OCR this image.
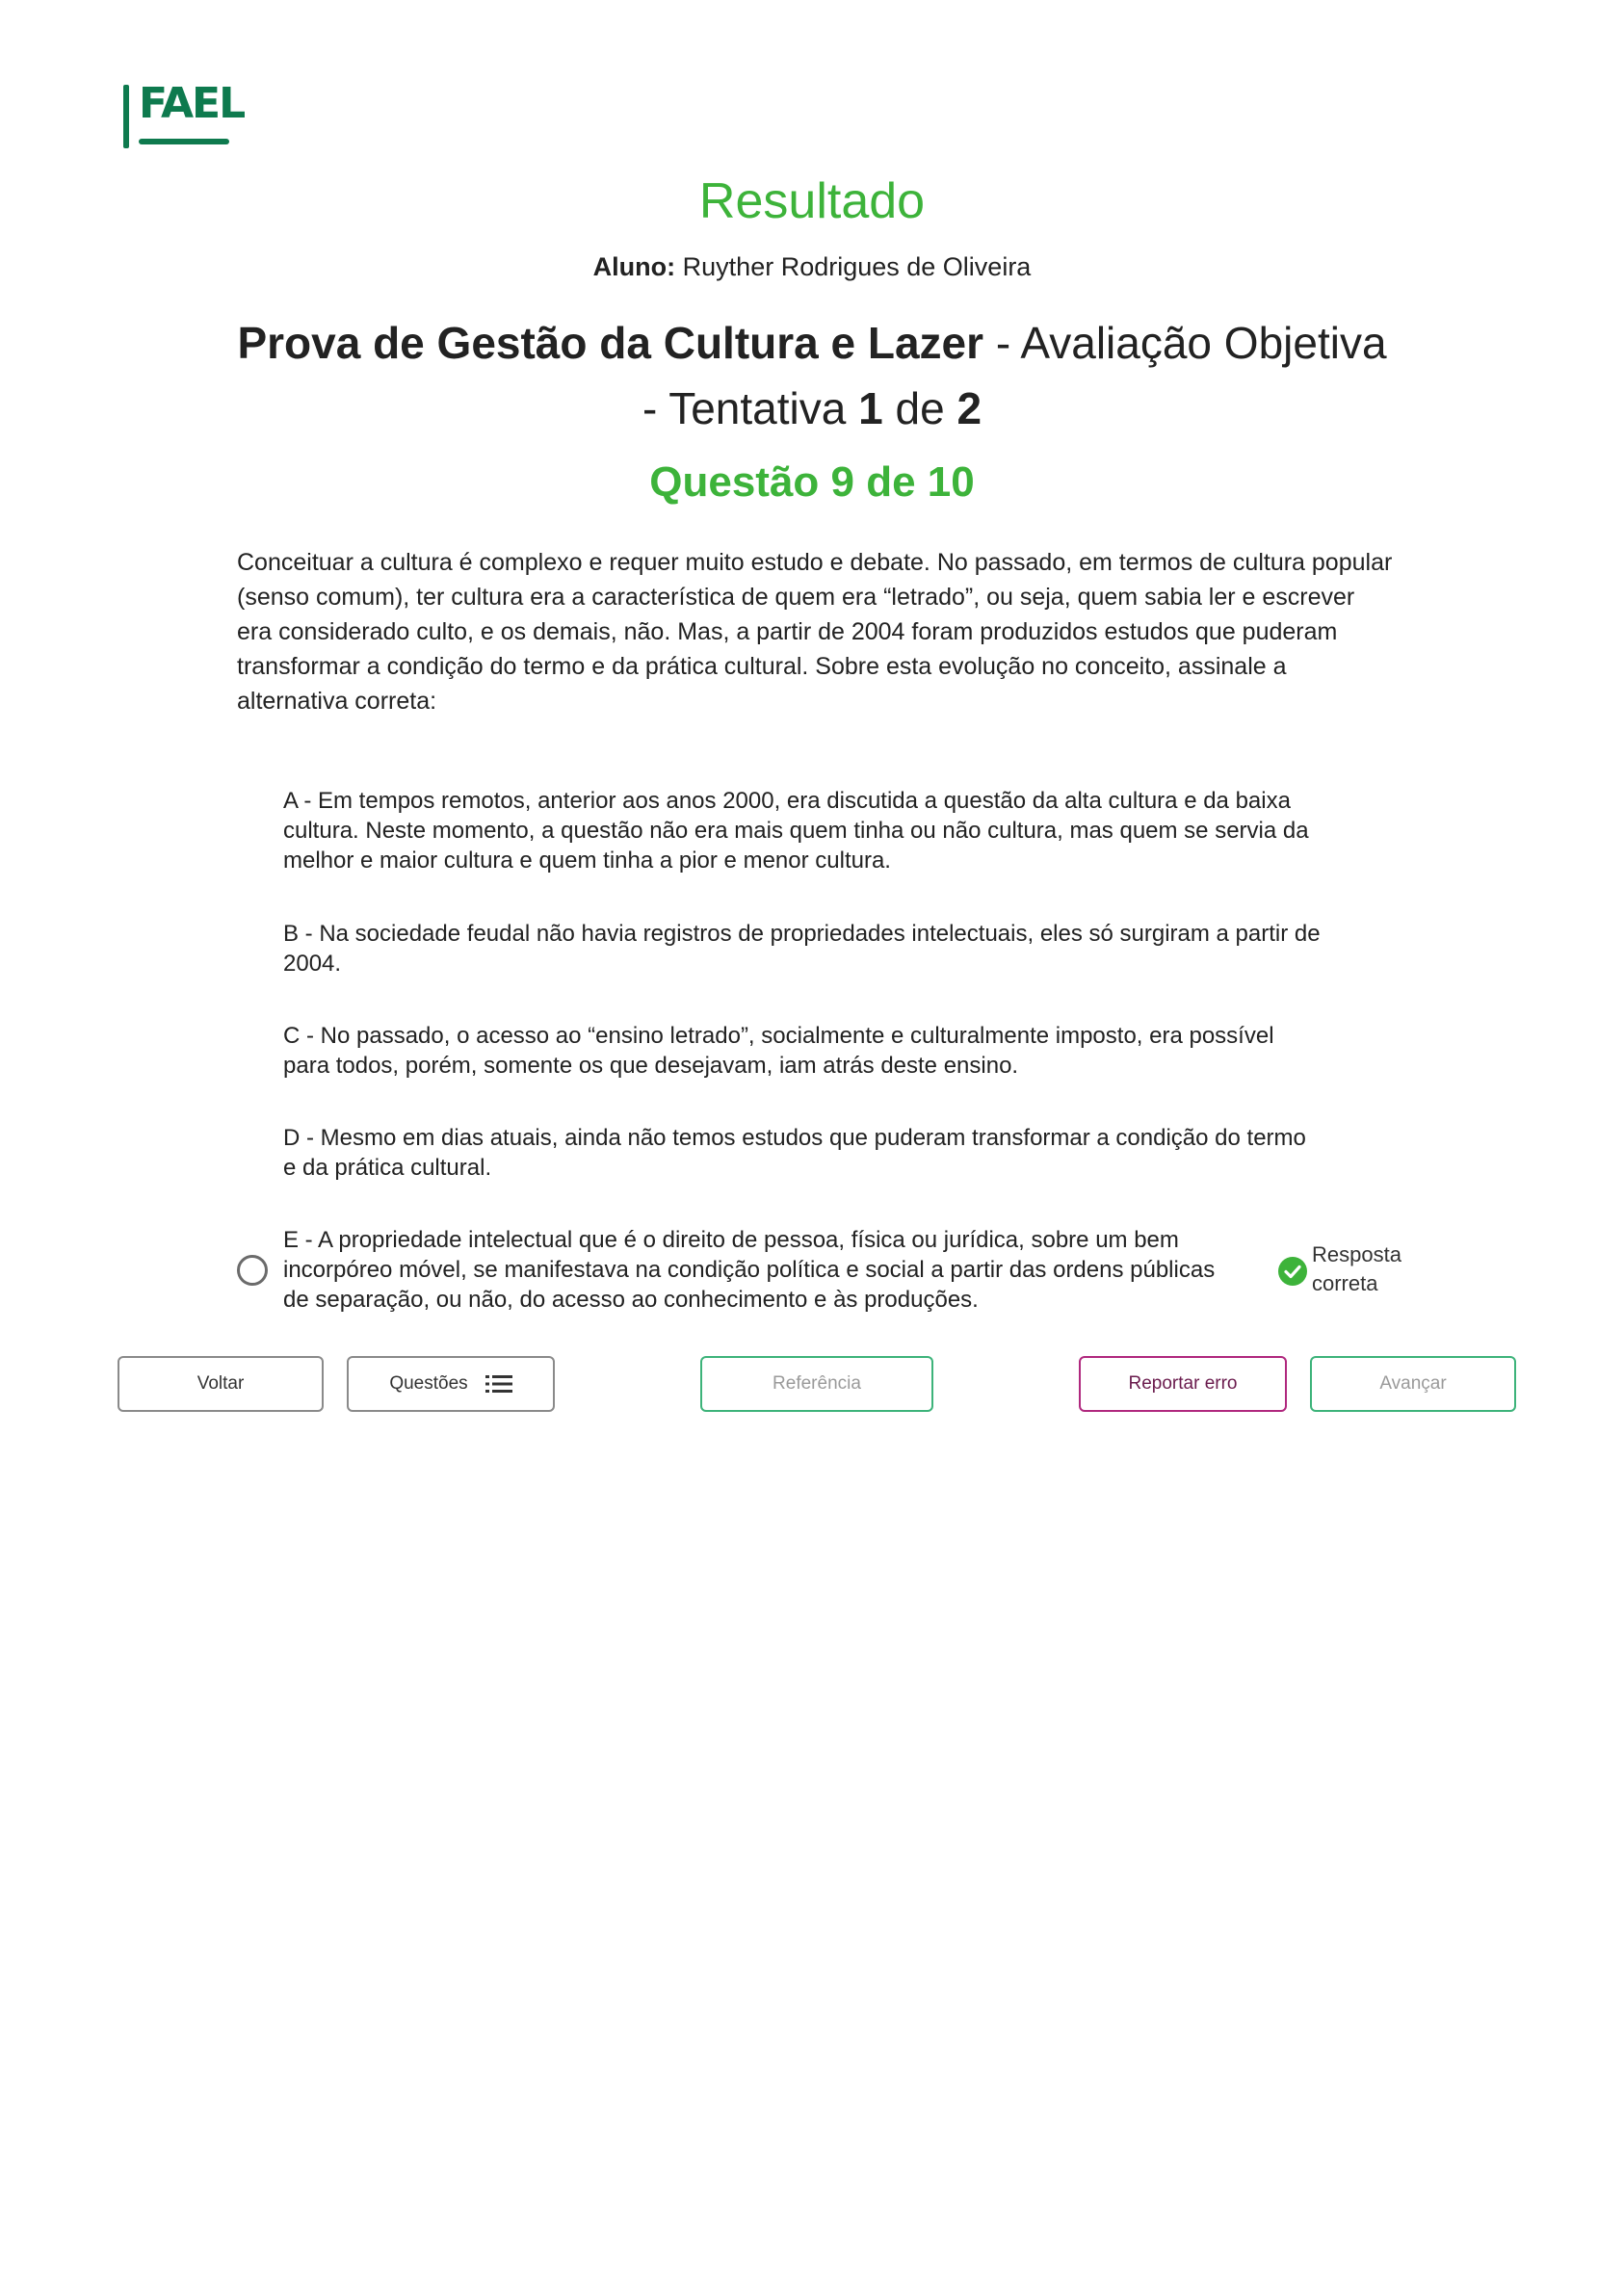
FAEL
Resultado
Aluno: Ruyther Rodrigues de Oliveira
Prova de Gestão da Cultura e Lazer - Avaliação Objetiva
- Tentativa 1 de 2
Questão 9 de 10
Conceituar a cultura é complexo e requer muito estudo e debate. No passado, em termos de cultura popular (senso comum), ter cultura era a característica de quem era “letrado”, ou seja, quem sabia ler e escrever era considerado culto, e os demais, não. Mas, a partir de 2004 foram produzidos estudos que puderam transformar a condição do termo e da prática cultural. Sobre esta evolução no conceito, assinale a alternativa correta:
A - Em tempos remotos, anterior aos anos 2000, era discutida a questão da alta cultura e da baixa cultura. Neste momento, a questão não era mais quem tinha ou não cultura, mas quem se servia da melhor e maior cultura e quem tinha a pior e menor cultura.
B - Na sociedade feudal não havia registros de propriedades intelectuais, eles só surgiram a partir de 2004.
C - No passado, o acesso ao “ensino letrado”, socialmente e culturalmente imposto, era possível para todos, porém, somente os que desejavam, iam atrás deste ensino.
D - Mesmo em dias atuais, ainda não temos estudos que puderam transformar a condição do termo e da prática cultural.
E - A propriedade intelectual que é o direito de pessoa, física ou jurídica, sobre um bem incorpóreo móvel, se manifestava na condição política e social a partir das ordens públicas de separação, ou não, do acesso ao conhecimento e às produções.
Resposta correta
Voltar	Questões	Referência	Reportar erro	Avançar
